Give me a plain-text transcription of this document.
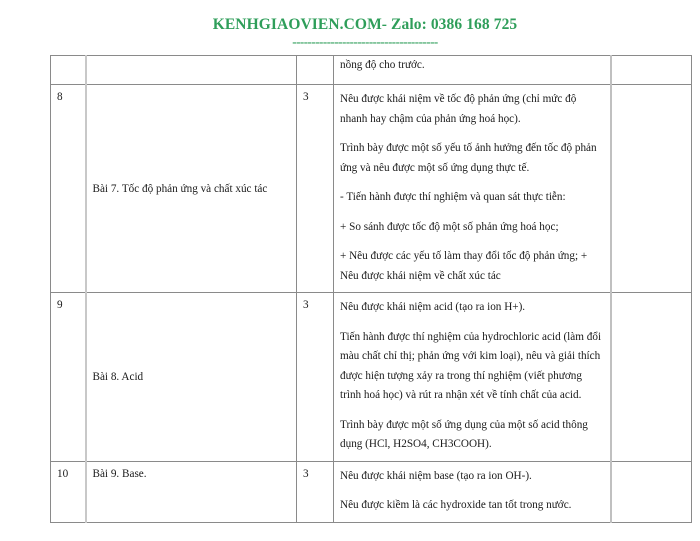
KENHGIAOVIEN.COM- Zalo: 0386 168 725
--------------------------------------

			nồng độ cho trước.	

8	Bài 7. Tốc độ phản ứng và chất xúc tác	3	Nêu được khái niệm về tốc độ phản ứng (chỉ mức độ nhanh hay chậm của phản ứng hoá học).

Trình bày được một số yếu tố ảnh hưởng đến tốc độ phản ứng và nêu được một số ứng dụng thực tế.

- Tiến hành được thí nghiệm và quan sát thực tiễn:

+ So sánh được tốc độ một số phản ứng hoá học;

+ Nêu được các yếu tố làm thay đổi tốc độ phản ứng; + Nêu được khái niệm về chất xúc tác	

9	Bài 8. Acid	3	Nêu được khái niệm acid (tạo ra ion H+).

Tiến hành được thí nghiệm của hydrochloric acid (làm đổi màu chất chỉ thị; phản ứng với kim loại), nêu và giải thích được hiện tượng xảy ra trong thí nghiệm (viết phương trình hoá học) và rút ra nhận xét về tính chất của acid.

Trình bày được một số ứng dụng của một số acid thông dụng (HCl, H2SO4, CH3COOH).	

10	Bài 9. Base.	3	Nêu được khái niệm base (tạo ra ion OH-).

Nêu được kiềm là các hydroxide tan tốt trong nước.	
